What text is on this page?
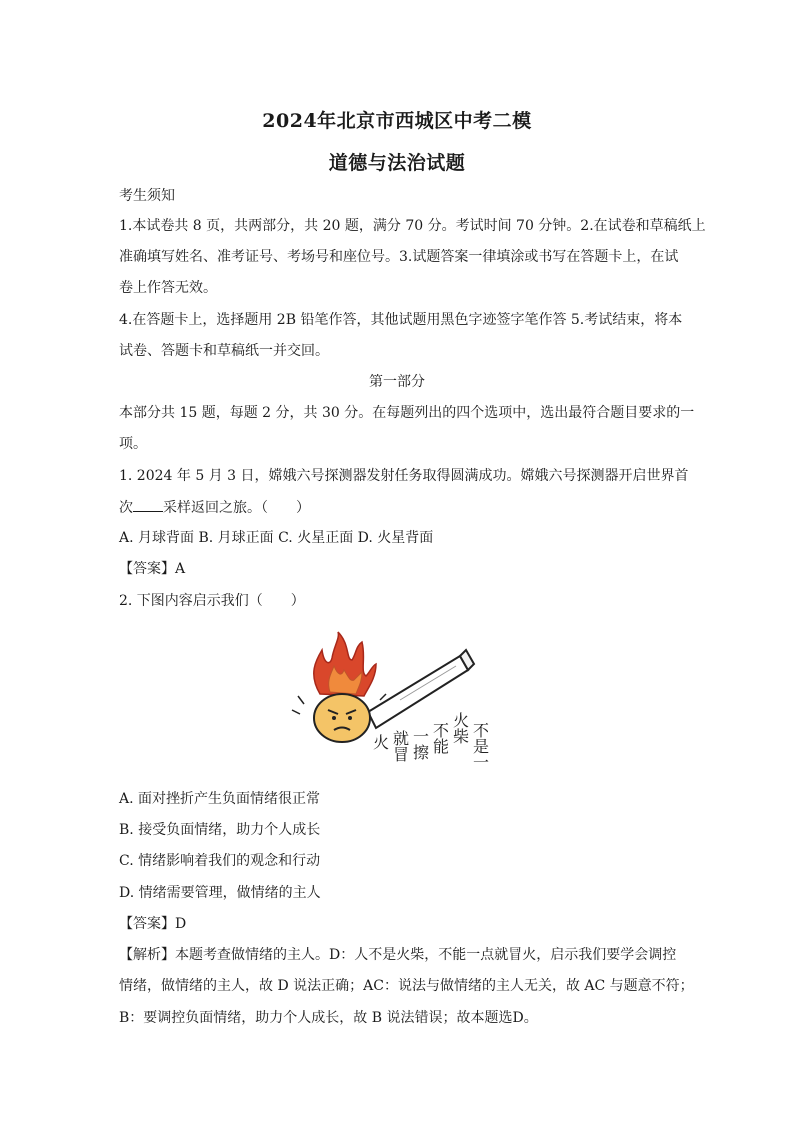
2024年北京市西城区中考二模
道德与法治试题
考生须知
1.本试卷共 8 页，共两部分，共 20 题，满分 70 分。考试时间 70 分钟。2.在试卷和草稿纸上
准确填写姓名、准考证号、考场号和座位号。3.试题答案一律填涂或书写在答题卡上，在试
卷上作答无效。
4.在答题卡上，选择题用 2B 铅笔作答，其他试题用黑色字迹签字笔作答 5.考试结束，将本
试卷、答题卡和草稿纸一并交回。
第一部分
本部分共 15 题，每题 2 分，共 30 分。在每题列出的四个选项中，选出最符合题目要求的一
项。
1. 2024 年 5 月 3 日，嫦娥六号探测器发射任务取得圆满成功。嫦娥六号探测器开启世界首
次 采样返回之旅。（　　）
A. 月球背面 B. 月球正面 C. 火星正面 D. 火星背面
【答案】A
2. 下图内容启示我们（　　）
不是一
火柴
不能
一擦
就冒
火
A. 面对挫折产生负面情绪很正常
B. 接受负面情绪，助力个人成长
C. 情绪影响着我们的观念和行动
D. 情绪需要管理，做情绪的主人
【答案】D
【解析】本题考查做情绪的主人。D：人不是火柴，不能一点就冒火，启示我们要学会调控
情绪，做情绪的主人，故 D 说法正确；AC：说法与做情绪的主人无关，故 AC 与题意不符；
B：要调控负面情绪，助力个人成长，故 B 说法错误；故本题选D。
